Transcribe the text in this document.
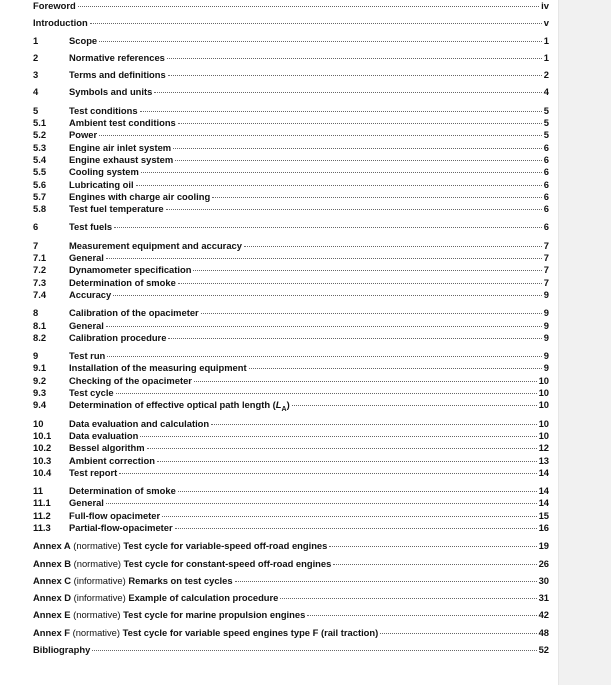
Foreword	iv
Introduction	v
1	Scope	1
2	Normative references	1
3	Terms and definitions	2
4	Symbols and units	4
5	Test conditions	5
5.1	Ambient test conditions	5
5.2	Power	5
5.3	Engine air inlet system	6
5.4	Engine exhaust system	6
5.5	Cooling system	6
5.6	Lubricating oil	6
5.7	Engines with charge air cooling	6
5.8	Test fuel temperature	6
6	Test fuels	6
7	Measurement equipment and accuracy	7
7.1	General	7
7.2	Dynamometer specification	7
7.3	Determination of smoke	7
7.4	Accuracy	9
8	Calibration of the opacimeter	9
8.1	General	9
8.2	Calibration procedure	9
9	Test run	9
9.1	Installation of the measuring equipment	9
9.2	Checking of the opacimeter	10
9.3	Test cycle	10
9.4	Determination of effective optical path length $(L_A)$	10
10	Data evaluation and calculation	10
10.1	Data evaluation	10
10.2	Bessel algorithm	12
10.3	Ambient correction	13
10.4	Test report	14
11	Determination of smoke	14
11.1	General	14
11.2	Full-flow opacimeter	15
11.3	Partial-flow-opacimeter	16
Annex A (normative) Test cycle for variable-speed off-road engines	19
Annex B (normative) Test cycle for constant-speed off-road engines	26
Annex C (informative) Remarks on test cycles	30
Annex D (informative) Example of calculation procedure	31
Annex E (normative) Test cycle for marine propulsion engines	42
Annex F (normative) Test cycle for variable speed engines type F (rail traction)	48
Bibliography	52
